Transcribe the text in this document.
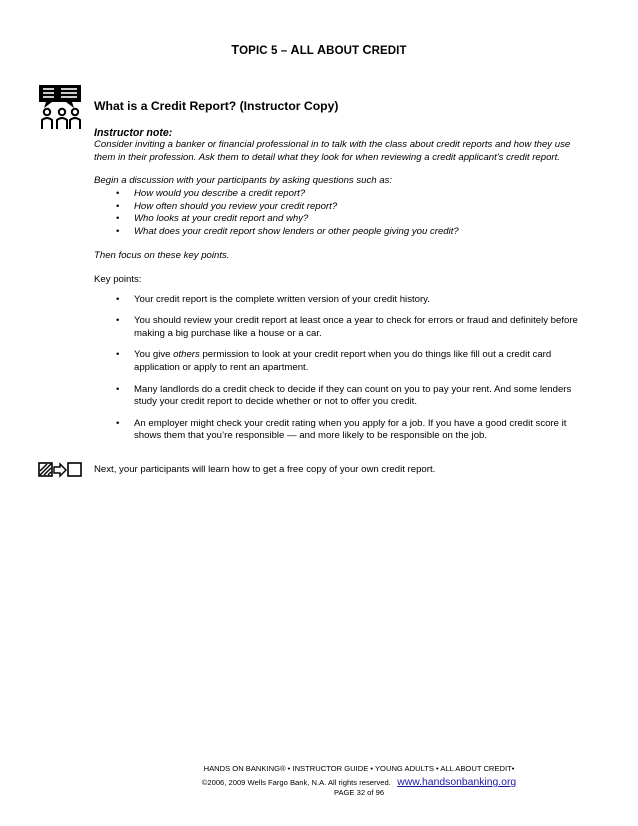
TOPIC 5 – ALL ABOUT CREDIT

What is a Credit Report? (Instructor Copy)

Instructor note:

Consider inviting a banker or financial professional in to talk with the class about credit reports and how they use them in their profession. Ask them to detail what they look for when reviewing a credit applicant's credit report.

Begin a discussion with your participants by asking questions such as:

• How would you describe a credit report?
• How often should you review your credit report?
• Who looks at your credit report and why?
• What does your credit report show lenders or other people giving you credit?

Then focus on these key points.

Key points:

• Your credit report is the complete written version of your credit history.
• You should review your credit report at least once a year to check for errors or fraud and definitely before making a big purchase like a house or a car.
• You give others permission to look at your credit report when you do things like fill out a credit card application or apply to rent an apartment.
• Many landlords do a credit check to decide if they can count on you to pay your rent. And some lenders study your credit report to decide whether or not to offer you credit.
• An employer might check your credit rating when you apply for a job. If you have a good credit score it shows them that you’re responsible — and more likely to be responsible on the job.

Next, your participants will learn how to get a free copy of your own credit report.

HANDS ON BANKING® • INSTRUCTOR GUIDE • YOUNG ADULTS • ALL ABOUT CREDIT•
©2006, 2009 Wells Fargo Bank, N.A. All rights reserved. www.handsonbanking.org
PAGE 32 of 96
